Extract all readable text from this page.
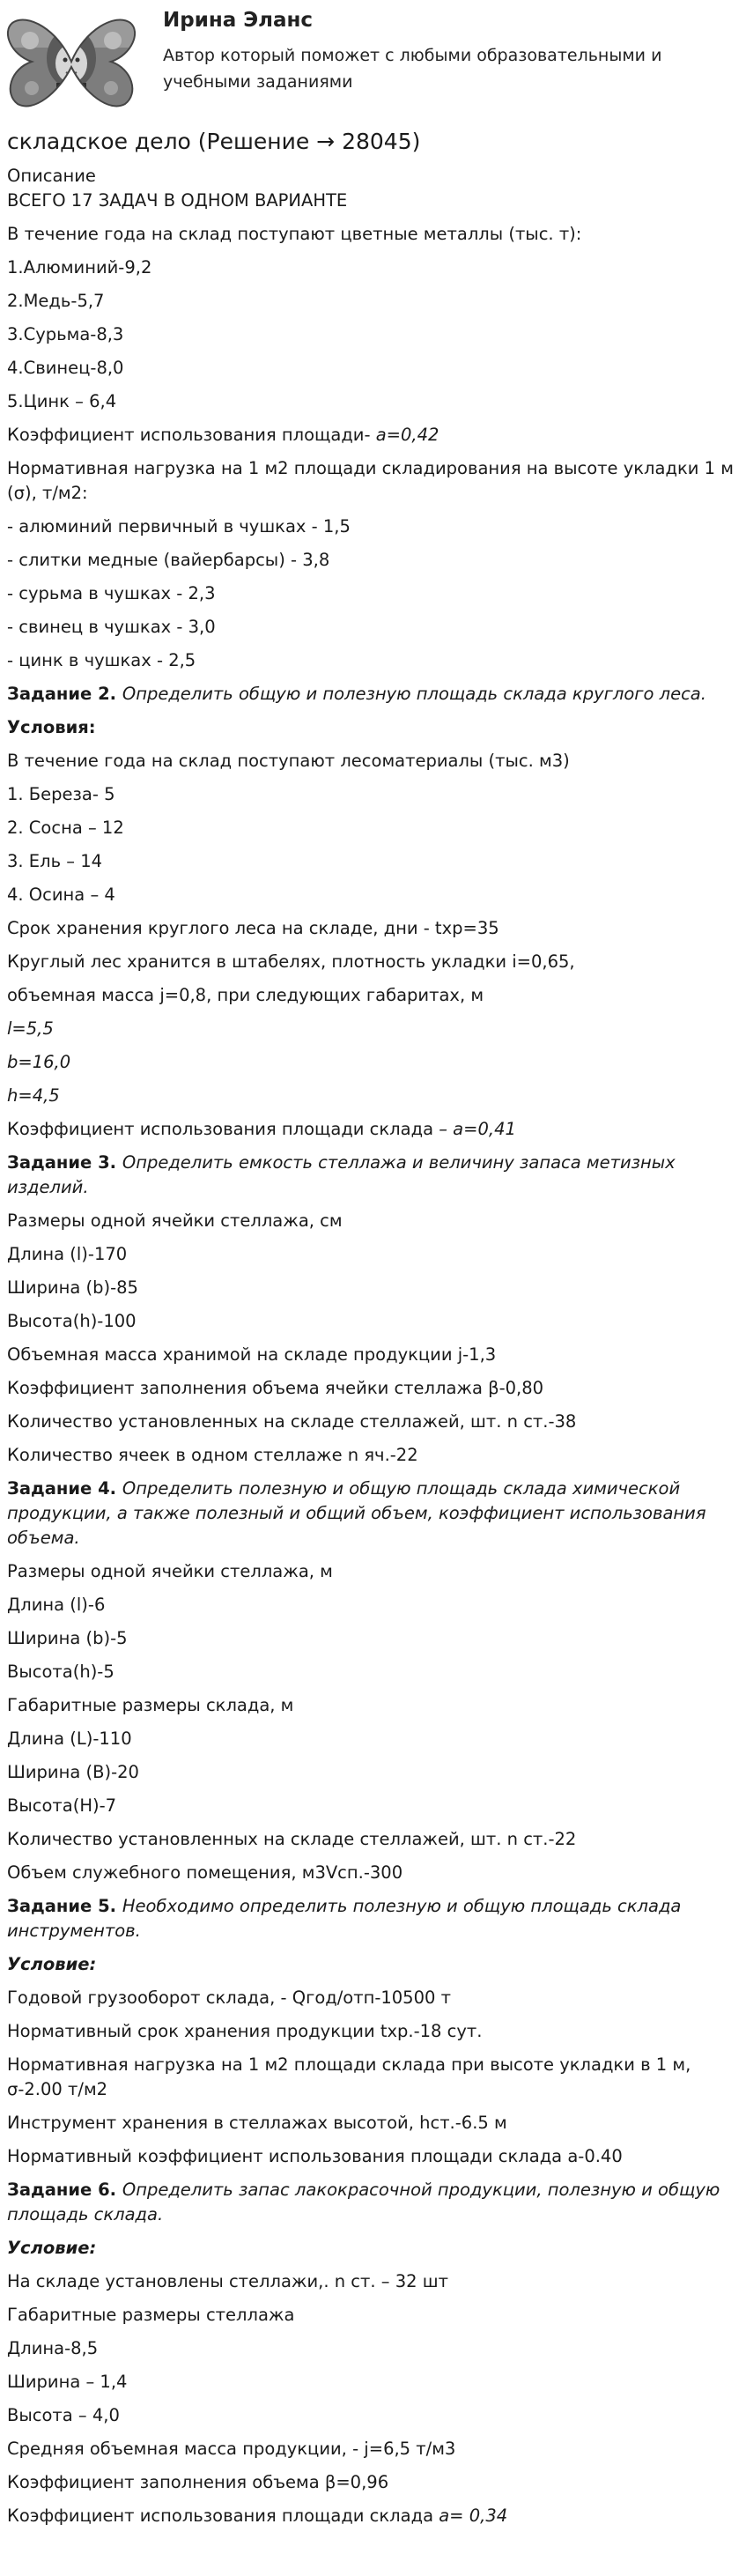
Ирина Эланс
Автор который поможет с любыми образовательными и учебными заданиями
складское дело (Решение → 28045)
Описание
ВСЕГО 17 ЗАДАЧ В ОДНОМ ВАРИАНТЕ
В течение года на склад поступают цветные металлы (тыс. т):
1.Алюминий-9,2
2.Медь-5,7
3.Сурьма-8,3
4.Свинец-8,0
5.Цинк – 6,4
Коэффициент использования площади- а=0,42
Нормативная нагрузка на 1 м2 площади складирования на высоте укладки 1 м (σ), т/м2:
- алюминий первичный в чушках - 1,5
- слитки медные (вайербарсы) - 3,8
- сурьма в чушках - 2,3
- свинец в чушках - 3,0
- цинк в чушках - 2,5
Задание 2. Определить общую и полезную площадь склада круглого леса.
Условия:
В течение года на склад поступают лесоматериалы (тыс. м3)
1. Береза- 5
2. Сосна – 12
3. Ель – 14
4. Осина – 4
Срок хранения круглого леса на складе, дни - txp=35
Круглый лес хранится в штабелях, плотность укладки i=0,65,
объемная масса j=0,8, при следующих габаритах, м
l=5,5
b=16,0
h=4,5
Коэффициент использования площади склада – а=0,41
Задание 3. Определить емкость стеллажа и величину запаса метизных изделий.
Размеры одной ячейки стеллажа, см
Длина (l)-170
Ширина (b)-85
Высота(h)-100
Объемная масса хранимой на складе продукции j-1,3
Коэффициент заполнения объема ячейки стеллажа β-0,80
Количество установленных на складе стеллажей, шт. n ст.-38
Количество ячеек в одном стеллаже n яч.-22
Задание 4. Определить полезную и общую площадь склада химической продукции, а также полезный и общий объем, коэффициент использования объема.
Размеры одной ячейки стеллажа, м
Длина (l)-6
Ширина (b)-5
Высота(h)-5
Габаритные размеры склада, м
Длина (L)-110
Ширина (B)-20
Высота(H)-7
Количество установленных на складе стеллажей, шт. n ст.-22
Объем служебного помещения, м3Vсп.-300
Задание 5. Необходимо определить полезную и общую площадь склада инструментов.
Условие:
Годовой грузооборот склада, - Qгод/отп-10500 т
Нормативный срок хранения продукции txp.-18 сут.
Нормативная нагрузка на 1 м2 площади склада при высоте укладки в 1 м, σ-2.00 т/м2
Инструмент хранения в стеллажах высотой, hст.-6.5 м
Нормативный коэффициент использования площади склада а-0.40
Задание 6. Определить запас лакокрасочной продукции, полезную и общую площадь склада.
Условие:
На складе установлены стеллажи,. n ст. – 32 шт
Габаритные размеры стеллажа
Длина-8,5
Ширина – 1,4
Высота – 4,0
Средняя объемная масса продукции, - j=6,5 т/м3
Коэффициент заполнения объема β=0,96
Коэффициент использования площади склада а= 0,34
